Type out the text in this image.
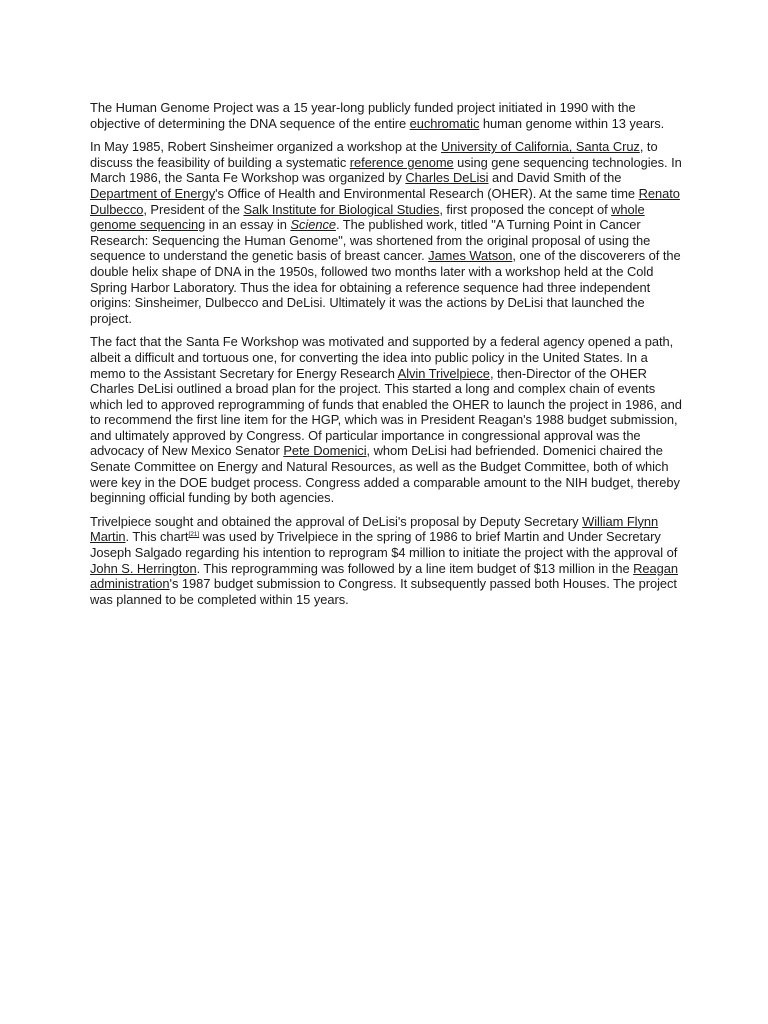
The Human Genome Project was a 15 year-long publicly funded project initiated in 1990 with the objective of determining the DNA sequence of the entire euchromatic human genome within 13 years.

In May 1985, Robert Sinsheimer organized a workshop at the University of California, Santa Cruz, to discuss the feasibility of building a systematic reference genome using gene sequencing technologies. In March 1986, the Santa Fe Workshop was organized by Charles DeLisi and David Smith of the Department of Energy's Office of Health and Environmental Research (OHER). At the same time Renato Dulbecco, President of the Salk Institute for Biological Studies, first proposed the concept of whole genome sequencing in an essay in Science. The published work, titled "A Turning Point in Cancer Research: Sequencing the Human Genome", was shortened from the original proposal of using the sequence to understand the genetic basis of breast cancer. James Watson, one of the discoverers of the double helix shape of DNA in the 1950s, followed two months later with a workshop held at the Cold Spring Harbor Laboratory. Thus the idea for obtaining a reference sequence had three independent origins: Sinsheimer, Dulbecco and DeLisi. Ultimately it was the actions by DeLisi that launched the project.

The fact that the Santa Fe Workshop was motivated and supported by a federal agency opened a path, albeit a difficult and tortuous one, for converting the idea into public policy in the United States. In a memo to the Assistant Secretary for Energy Research Alvin Trivelpiece, then-Director of the OHER Charles DeLisi outlined a broad plan for the project. This started a long and complex chain of events which led to approved reprogramming of funds that enabled the OHER to launch the project in 1986, and to recommend the first line item for the HGP, which was in President Reagan's 1988 budget submission, and ultimately approved by Congress. Of particular importance in congressional approval was the advocacy of New Mexico Senator Pete Domenici, whom DeLisi had befriended. Domenici chaired the Senate Committee on Energy and Natural Resources, as well as the Budget Committee, both of which were key in the DOE budget process. Congress added a comparable amount to the NIH budget, thereby beginning official funding by both agencies.

Trivelpiece sought and obtained the approval of DeLisi's proposal by Deputy Secretary William Flynn Martin. This chart[21] was used by Trivelpiece in the spring of 1986 to brief Martin and Under Secretary Joseph Salgado regarding his intention to reprogram $4 million to initiate the project with the approval of John S. Herrington. This reprogramming was followed by a line item budget of $13 million in the Reagan administration's 1987 budget submission to Congress. It subsequently passed both Houses. The project was planned to be completed within 15 years.
